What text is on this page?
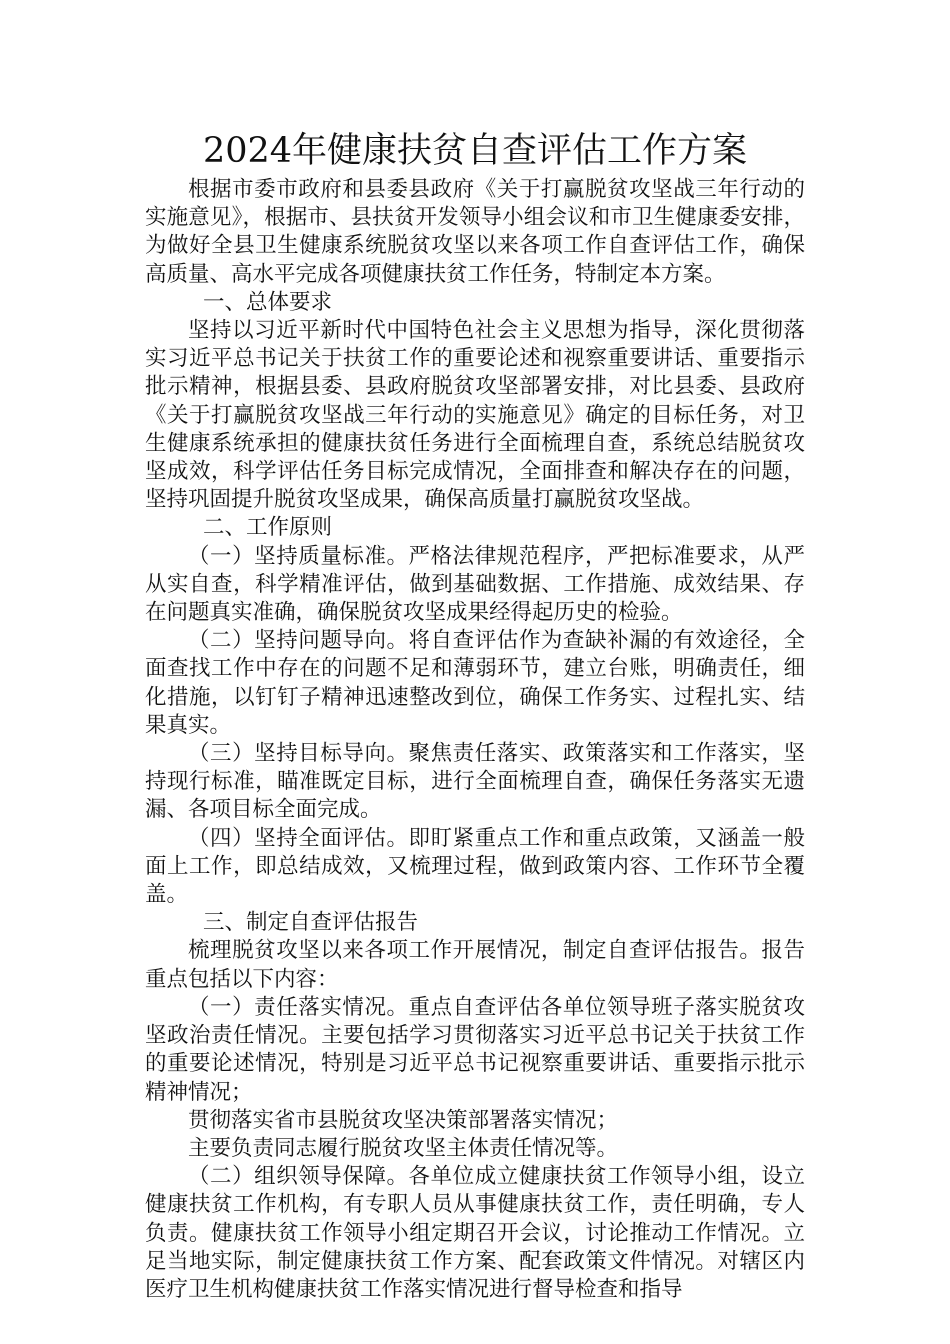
2024年健康扶贫自查评估工作方案

根据市委市政府和县委县政府《关于打赢脱贫攻坚战三年行动的实施意见》，根据市、县扶贫开发领导小组会议和市卫生健康委安排，为做好全县卫生健康系统脱贫攻坚以来各项工作自查评估工作，确保高质量、高水平完成各项健康扶贫工作任务，特制定本方案。

一、总体要求

坚持以习近平新时代中国特色社会主义思想为指导，深化贯彻落实习近平总书记关于扶贫工作的重要论述和视察重要讲话、重要指示批示精神，根据县委、县政府脱贫攻坚部署安排，对比县委、县政府《关于打赢脱贫攻坚战三年行动的实施意见》确定的目标任务，对卫生健康系统承担的健康扶贫任务进行全面梳理自查，系统总结脱贫攻坚成效，科学评估任务目标完成情况，全面排查和解决存在的问题，坚持巩固提升脱贫攻坚成果，确保高质量打赢脱贫攻坚战。

二、工作原则

（一）坚持质量标准。严格法律规范程序，严把标准要求，从严从实自查，科学精准评估，做到基础数据、工作措施、成效结果、存在问题真实准确，确保脱贫攻坚成果经得起历史的检验。

（二）坚持问题导向。将自查评估作为查缺补漏的有效途径，全面查找工作中存在的问题不足和薄弱环节，建立台账，明确责任，细化措施，以钉钉子精神迅速整改到位，确保工作务实、过程扎实、结果真实。

（三）坚持目标导向。聚焦责任落实、政策落实和工作落实，坚持现行标准，瞄准既定目标，进行全面梳理自查，确保任务落实无遗漏、各项目标全面完成。

（四）坚持全面评估。即盯紧重点工作和重点政策，又涵盖一般面上工作，即总结成效，又梳理过程，做到政策内容、工作环节全覆盖。

三、制定自查评估报告

梳理脱贫攻坚以来各项工作开展情况，制定自查评估报告。报告重点包括以下内容：

（一）责任落实情况。重点自查评估各单位领导班子落实脱贫攻坚政治责任情况。主要包括学习贯彻落实习近平总书记关于扶贫工作的重要论述情况，特别是习近平总书记视察重要讲话、重要指示批示精神情况；

贯彻落实省市县脱贫攻坚决策部署落实情况；

主要负责同志履行脱贫攻坚主体责任情况等。

（二）组织领导保障。各单位成立健康扶贫工作领导小组，设立健康扶贫工作机构，有专职人员从事健康扶贫工作，责任明确，专人负责。健康扶贫工作领导小组定期召开会议，讨论推动工作情况。立足当地实际，制定健康扶贫工作方案、配套政策文件情况。对辖区内医疗卫生机构健康扶贫工作落实情况进行督导检查和指导
